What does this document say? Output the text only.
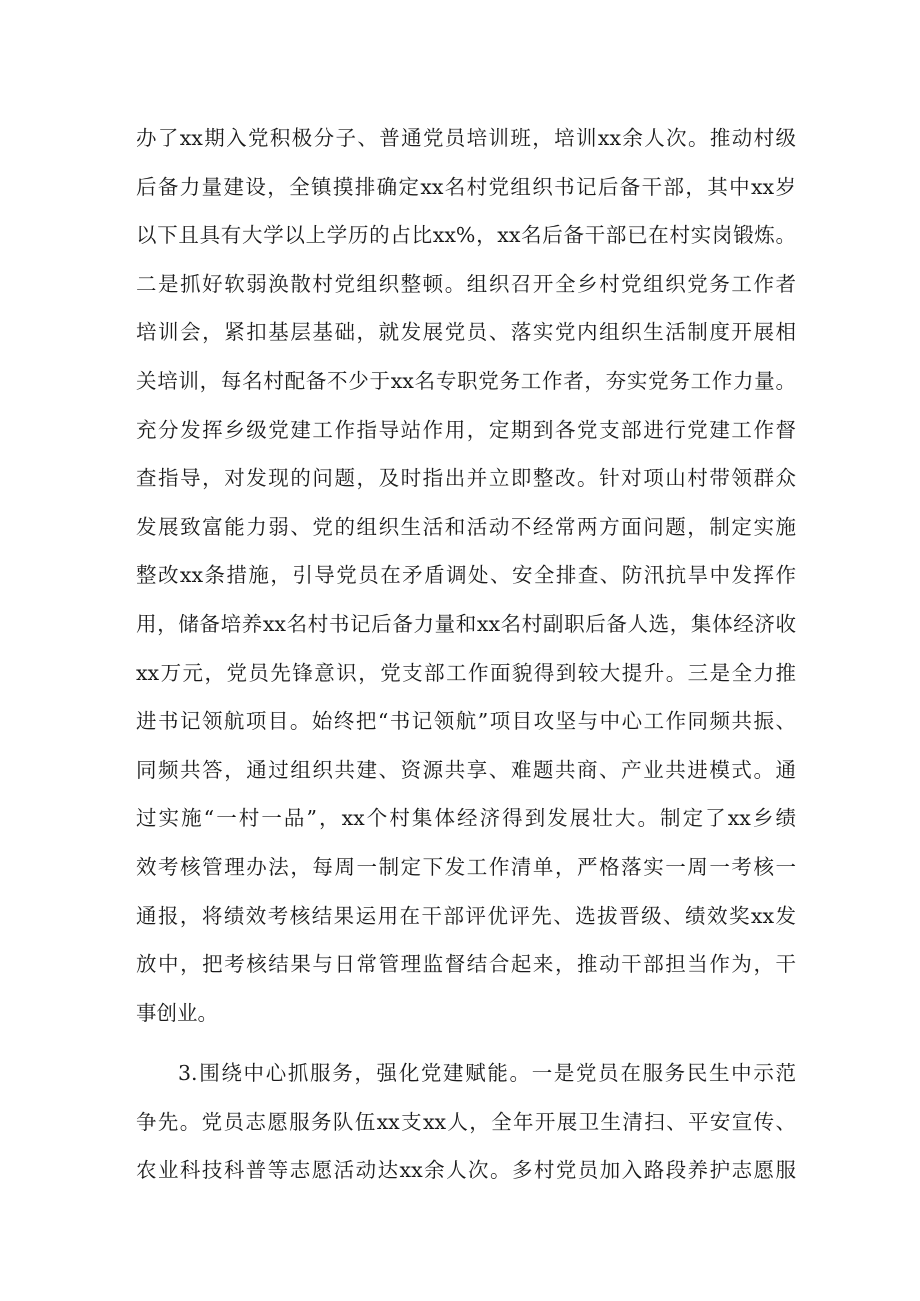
办了xx期入党积极分子、普通党员培训班，培训xx余人次。推动村级
后备力量建设，全镇摸排确定xx名村党组织书记后备干部，其中xx岁
以下且具有大学以上学历的占比xx%，xx名后备干部已在村实岗锻炼。
二是抓好软弱涣散村党组织整顿。组织召开全乡村党组织党务工作者
培训会，紧扣基层基础，就发展党员、落实党内组织生活制度开展相
关培训，每名村配备不少于xx名专职党务工作者，夯实党务工作力量。
充分发挥乡级党建工作指导站作用，定期到各党支部进行党建工作督
查指导，对发现的问题，及时指出并立即整改。针对项山村带领群众
发展致富能力弱、党的组织生活和活动不经常两方面问题，制定实施
整改xx条措施，引导党员在矛盾调处、安全排查、防汛抗旱中发挥作
用，储备培养xx名村书记后备力量和xx名村副职后备人选，集体经济收
xx万元，党员先锋意识，党支部工作面貌得到较大提升。三是全力推
进书记领航项目。始终把“书记领航”项目攻坚与中心工作同频共振、
同频共答，通过组织共建、资源共享、难题共商、产业共进模式。通
过实施“一村一品”，xx个村集体经济得到发展壮大。制定了xx乡绩
效考核管理办法，每周一制定下发工作清单，严格落实一周一考核一
通报，将绩效考核结果运用在干部评优评先、选拔晋级、绩效奖xx发
放中，把考核结果与日常管理监督结合起来，推动干部担当作为，干
事创业。
3.围绕中心抓服务，强化党建赋能。一是党员在服务民生中示范
争先。党员志愿服务队伍xx支xx人，全年开展卫生清扫、平安宣传、
农业科技科普等志愿活动达xx余人次。多村党员加入路段养护志愿服
